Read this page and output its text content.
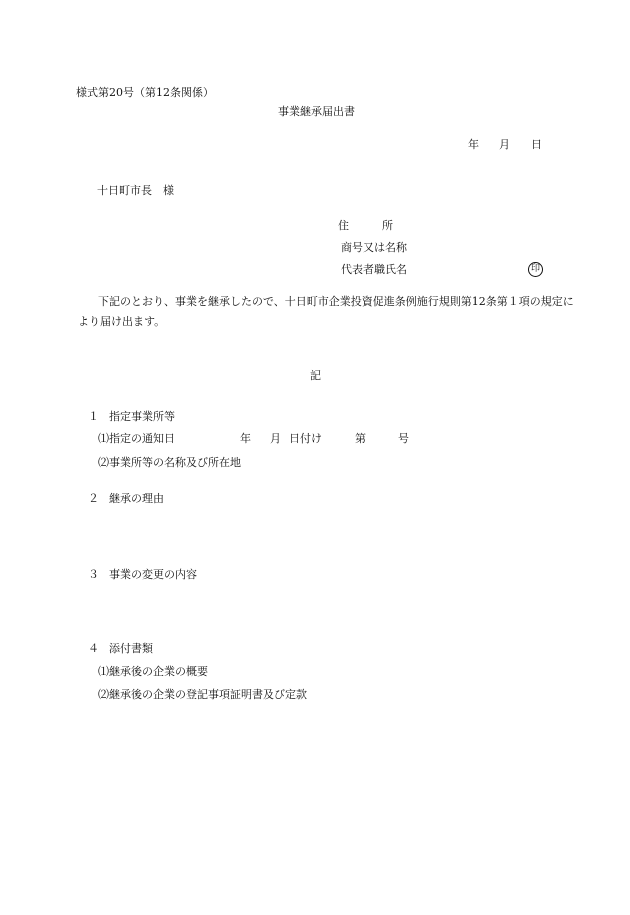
様式第20号（第12条関係）
事業継承届出書
年 月 日
十日町市長　様
住　　　所
商号又は名称
代表者職氏名	印
下記のとおり、事業を継承したので、十日町市企業投資促進条例施行規則第12条第１項の規定に
より届け出ます。
記
１ 指定事業所等
⑴指定の通知日	年 月 日付け	第	号
⑵事業所等の名称及び所在地
２ 継承の理由
３ 事業の変更の内容
４ 添付書類
⑴継承後の企業の概要
⑵継承後の企業の登記事項証明書及び定款
